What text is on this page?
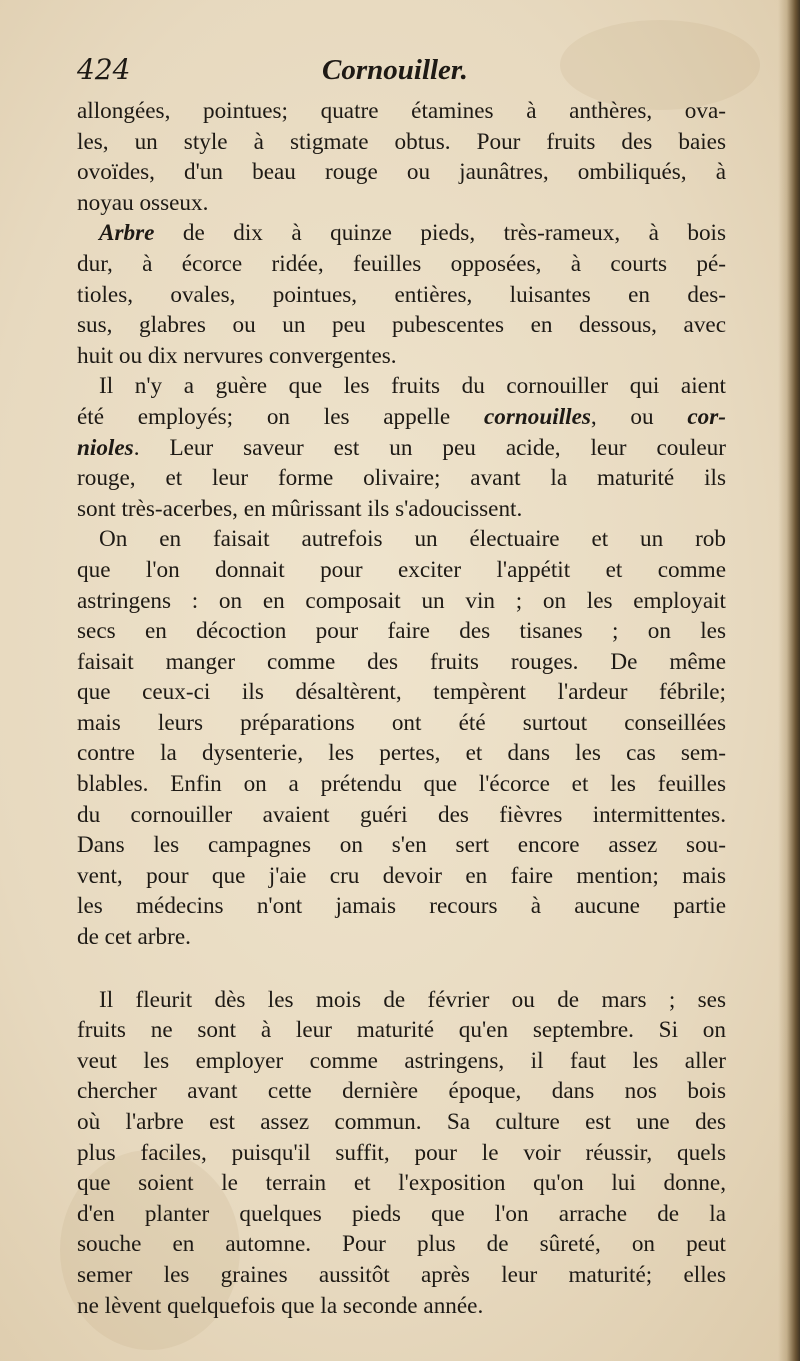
424	Cornouiller.

allongées, pointues; quatre étamines à anthères, ova-
les, un style à stigmate obtus. Pour fruits des baies
ovoïdes, d'un beau rouge ou jaunâtres, ombiliqués, à
noyau osseux.

Arbre de dix à quinze pieds, très-rameux, à bois
dur, à écorce ridée, feuilles opposées, à courts pé-
tioles, ovales, pointues, entières, luisantes en des-
sus, glabres ou un peu pubescentes en dessous, avec
huit ou dix nervures convergentes.

Il n'y a guère que les fruits du cornouiller qui aient
été employés; on les appelle cornouilles, ou cor-
nioles. Leur saveur est un peu acide, leur couleur
rouge, et leur forme olivaire; avant la maturité ils
sont très-acerbes, en mûrissant ils s'adoucissent.

On en faisait autrefois un électuaire et un rob
que l'on donnait pour exciter l'appétit et comme
astringens : on en composait un vin ; on les employait
secs en décoction pour faire des tisanes ; on les
faisait manger comme des fruits rouges. De même
que ceux-ci ils désaltèrent, tempèrent l'ardeur fébrile;
mais leurs préparations ont été surtout conseillées
contre la dysenterie, les pertes, et dans les cas sem-
blables. Enfin on a prétendu que l'écorce et les feuilles
du cornouiller avaient guéri des fièvres intermittentes.
Dans les campagnes on s'en sert encore assez sou-
vent, pour que j'aie cru devoir en faire mention; mais
les médecins n'ont jamais recours à aucune partie
de cet arbre.

Il fleurit dès les mois de février ou de mars ; ses
fruits ne sont à leur maturité qu'en septembre. Si on
veut les employer comme astringens, il faut les aller
chercher avant cette dernière époque, dans nos bois
où l'arbre est assez commun. Sa culture est une des
plus faciles, puisqu'il suffit, pour le voir réussir, quels
que soient le terrain et l'exposition qu'on lui donne,
d'en planter quelques pieds que l'on arrache de la
souche en automne. Pour plus de sûreté, on peut
semer les graines aussitôt après leur maturité; elles
ne lèvent quelquefois que la seconde année.
